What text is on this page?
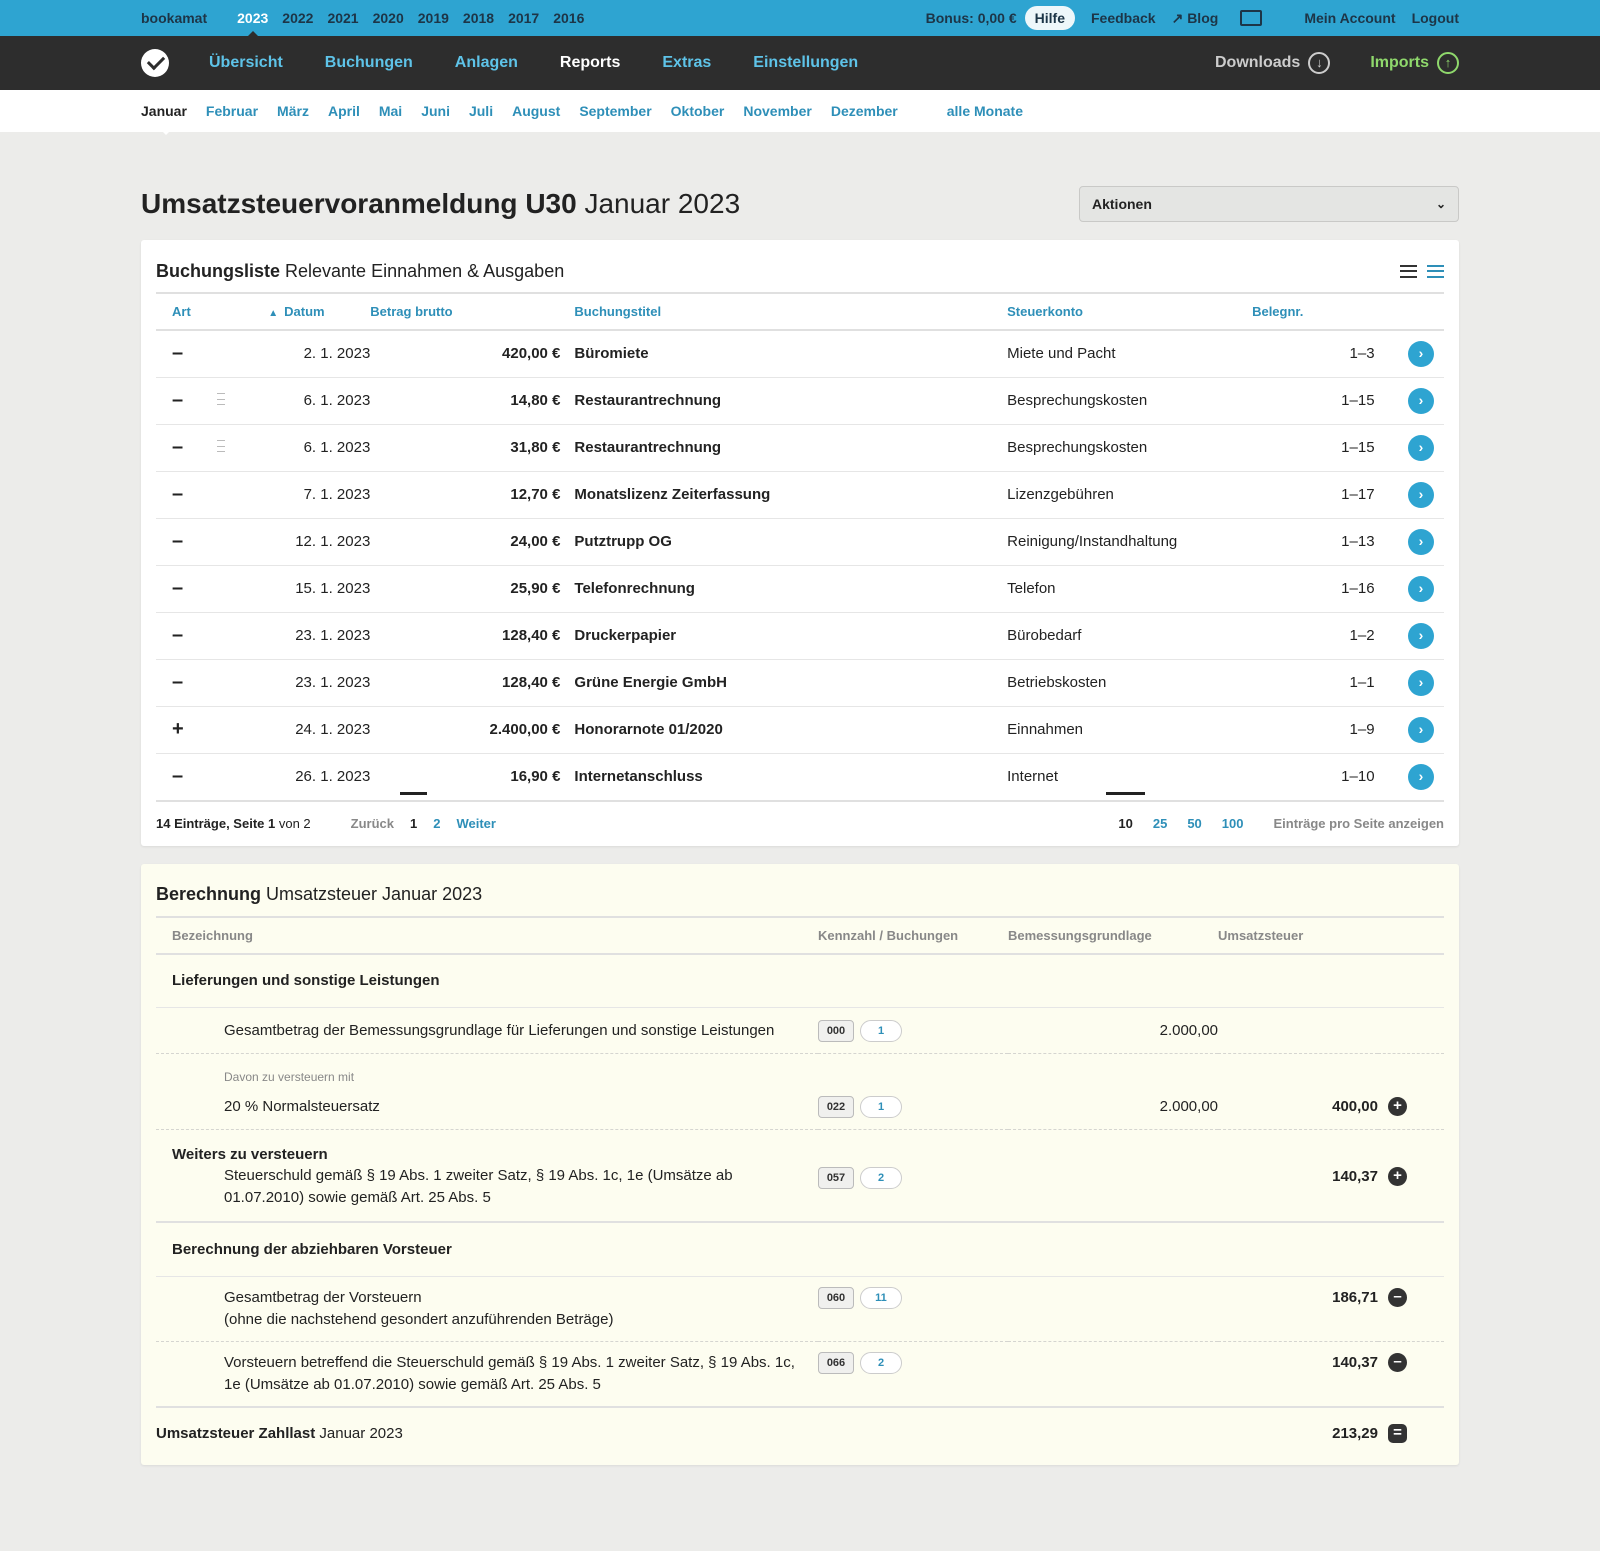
bookamat 2023 2022 2021 2020 2019 2018 2017 2016	Bonus: 0,00 €	Hilfe	Feedback ↗ Blog	Mein Account Logout
Übersicht	Buchungen	Anlagen	Reports	Extras	Einstellungen	Downloads	↓	Imports	↑
Januar Februar März April Mai Juni Juli August September Oktober November Dezember	alle Monate
Umsatzsteuervoranmeldung U30 Januar 2023	Aktionen	⌄
Buchungsliste Relevante Einnahmen & Ausgaben
Art		▲ Datum	Betrag brutto	Buchungstitel	Steuerkonto	Belegnr.	
–		2. 1. 2023	420,00 €	Büromiete	Miete und Pacht	1–3	›
–		6. 1. 2023	14,80 €	Restaurantrechnung	Besprechungskosten	1–15	›
–		6. 1. 2023	31,80 €	Restaurantrechnung	Besprechungskosten	1–15	›
–		7. 1. 2023	12,70 €	Monatslizenz Zeiterfassung	Lizenzgebühren	1–17	›
–		12. 1. 2023	24,00 €	Putztrupp OG	Reinigung/Instandhaltung	1–13	›
–		15. 1. 2023	25,90 €	Telefonrechnung	Telefon	1–16	›
–		23. 1. 2023	128,40 €	Druckerpapier	Bürobedarf	1–2	›
–		23. 1. 2023	128,40 €	Grüne Energie GmbH	Betriebskosten	1–1	›
+		24. 1. 2023	2.400,00 €	Honorarnote 01/2020	Einnahmen	1–9	›
–		26. 1. 2023	16,90 €	Internetanschluss	Internet	1–10	›
14 Einträge, Seite 1 von 2	Zurück 1 2 Weiter	10 25 50 100 Einträge pro Seite anzeigen
Berechnung Umsatzsteuer Januar 2023
Bezeichnung	Kennzahl / Buchungen	Bemessungsgrundlage	Umsatzsteuer	
Lieferungen und sonstige Leistungen				
Gesamtbetrag der Bemessungsgrundlage für Lieferungen und sonstige Leistungen	000 1	2.000,00		
Davon zu versteuern mit				
20 % Normalsteuersatz	022 1	2.000,00	400,00	+
Weiters zu versteuern				
Steuerschuld gemäß § 19 Abs. 1 zweiter Satz, § 19 Abs. 1c, 1e (Umsätze ab
01.07.2010) sowie gemäß Art. 25 Abs. 5	057 2		140,37	+
Berechnung der abziehbaren Vorsteuer				
Gesamtbetrag der Vorsteuern
(ohne die nachstehend gesondert anzuführenden Beträge)	060 11		186,71	–
Vorsteuern betreffend die Steuerschuld gemäß § 19 Abs. 1 zweiter Satz, § 19 Abs. 1c,
1e (Umsätze ab 01.07.2010) sowie gemäß Art. 25 Abs. 5	066 2		140,37	–
Umsatzsteuer Zahllast Januar 2023			213,29	=
